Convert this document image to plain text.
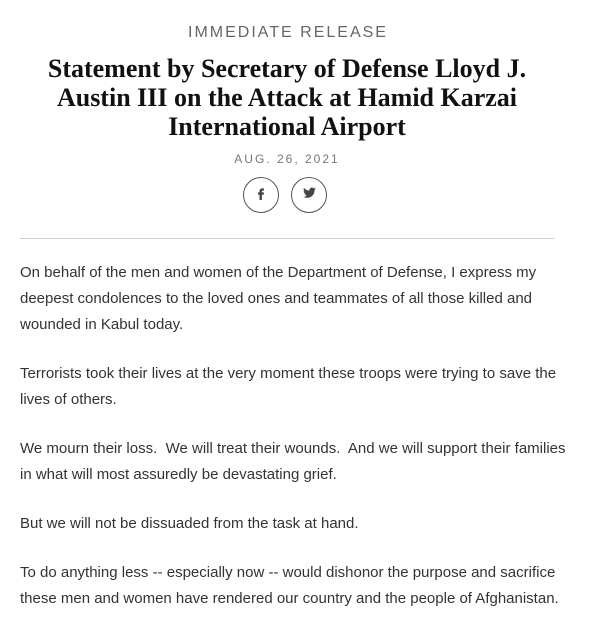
IMMEDIATE RELEASE
Statement by Secretary of Defense Lloyd J. Austin III on the Attack at Hamid Karzai International Airport
AUG. 26, 2021

On behalf of the men and women of the Department of Defense, I express my deepest condolences to the loved ones and teammates of all those killed and wounded in Kabul today.

Terrorists took their lives at the very moment these troops were trying to save the lives of others.

We mourn their loss.  We will treat their wounds.  And we will support their families in what will most assuredly be devastating grief.

But we will not be dissuaded from the task at hand.

To do anything less -- especially now -- would dishonor the purpose and sacrifice these men and women have rendered our country and the people of Afghanistan.
